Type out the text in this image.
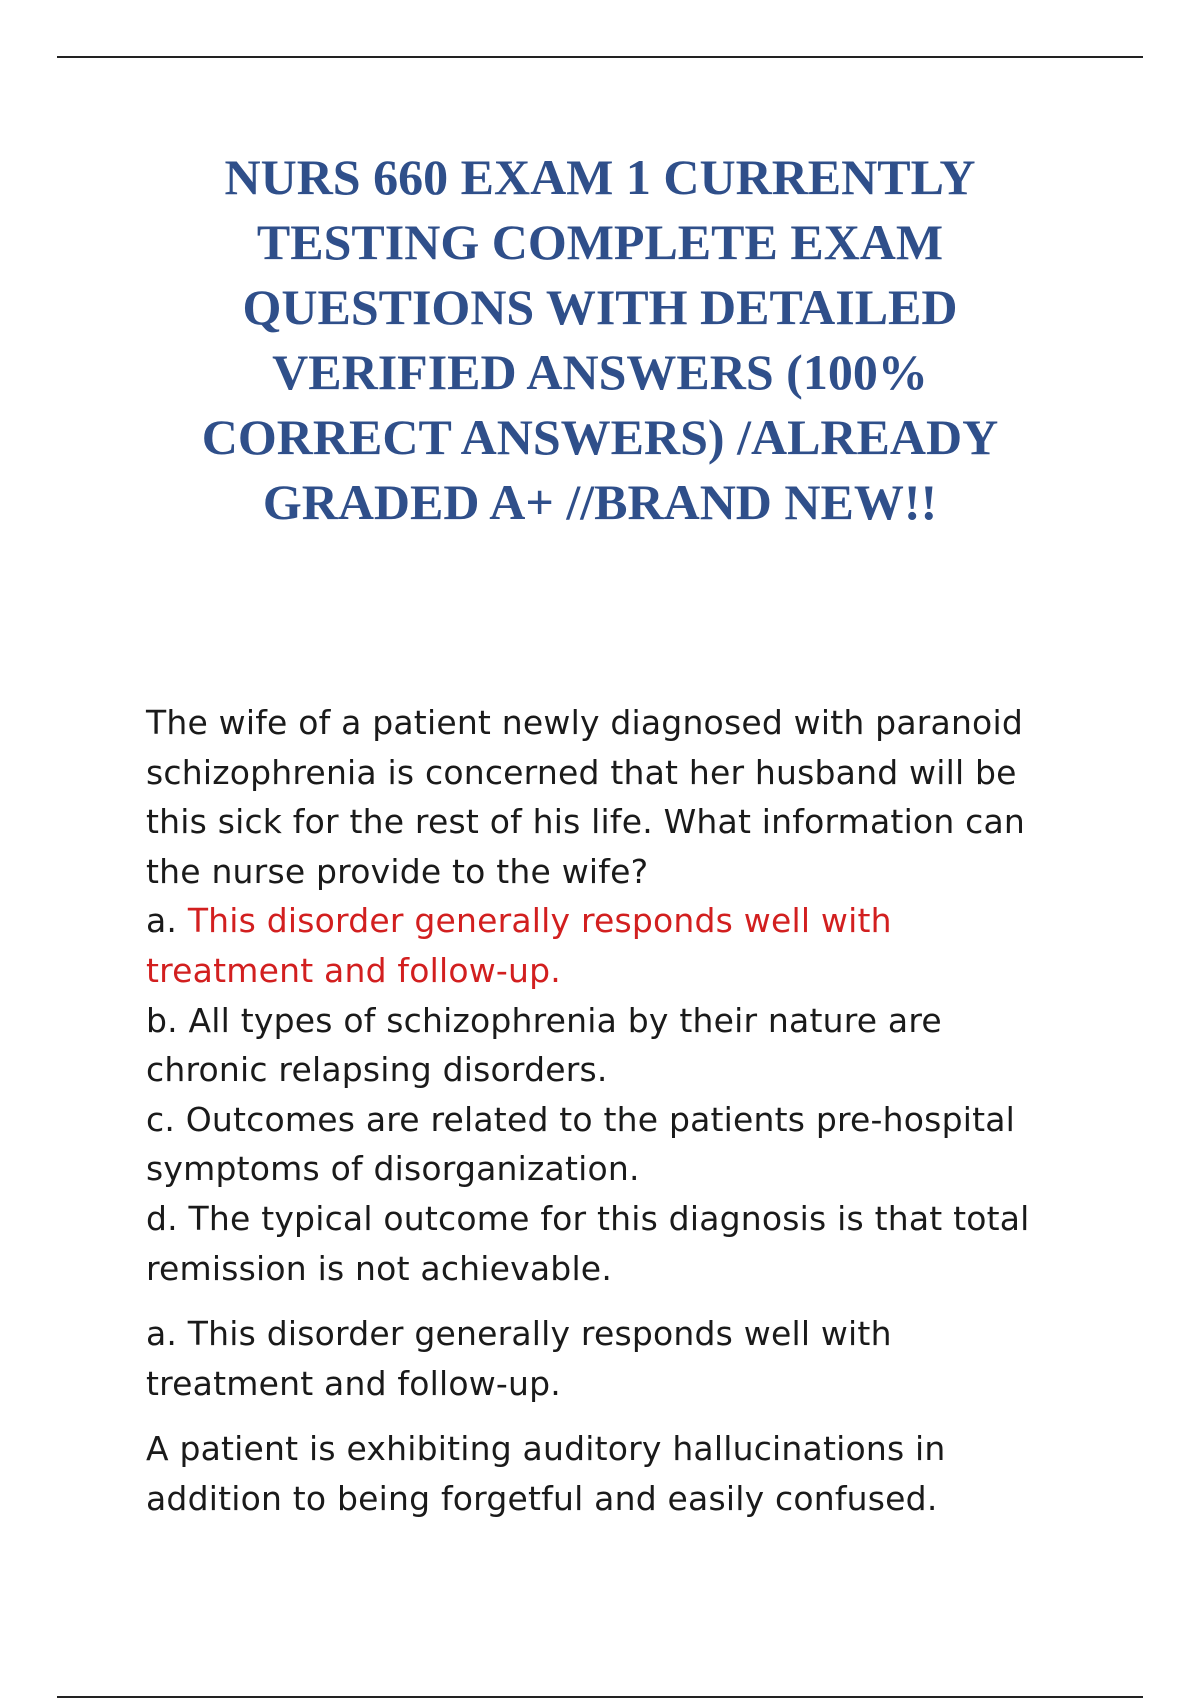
NURS 660 EXAM 1 CURRENTLY
TESTING COMPLETE EXAM
QUESTIONS WITH DETAILED
VERIFIED ANSWERS (100%
CORRECT ANSWERS) /ALREADY
GRADED A+ //BRAND NEW!!
The wife of a patient newly diagnosed with paranoid
schizophrenia is concerned that her husband will be
this sick for the rest of his life. What information can
the nurse provide to the wife?
a. This disorder generally responds well with
treatment and follow-up.
b. All types of schizophrenia by their nature are
chronic relapsing disorders.
c. Outcomes are related to the patients pre-hospital
symptoms of disorganization.
d. The typical outcome for this diagnosis is that total
remission is not achievable.
a. This disorder generally responds well with
treatment and follow-up.
A patient is exhibiting auditory hallucinations in
addition to being forgetful and easily confused.
